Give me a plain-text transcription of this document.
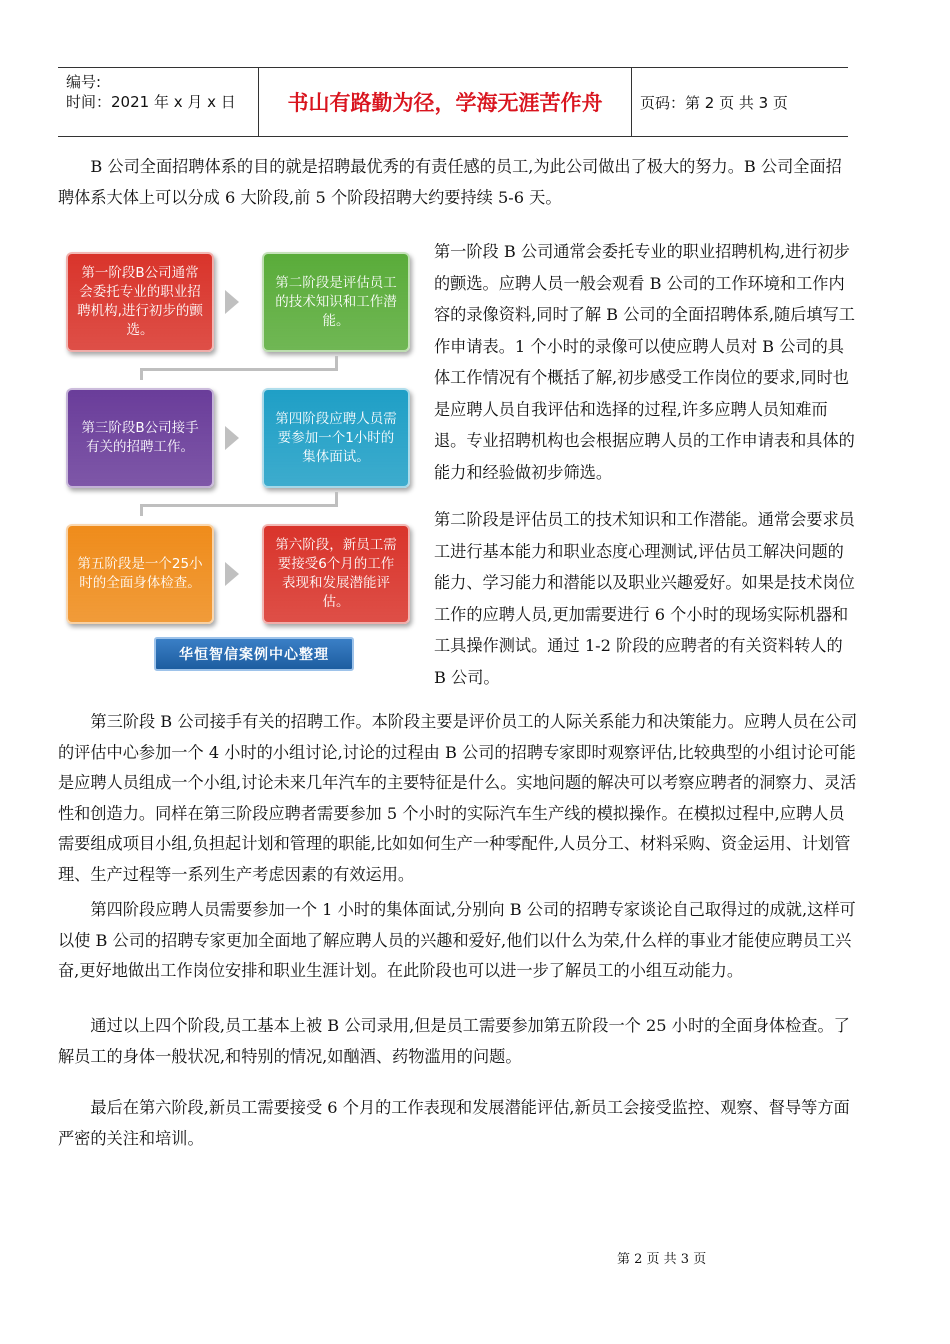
编号:
时间：2021 年 x 月 x 日	书山有路勤为径，学海无涯苦作舟	页码：第 2 页 共 3 页

B 公司全面招聘体系的目的就是招聘最优秀的有责任感的员工,为此公司做出了极大的努力。B 公司全面招聘体系大体上可以分成 6 大阶段,前 5 个阶段招聘大约要持续 5-6 天。

第一阶段B公司通常会委托专业的职业招聘机构,进行初步的颤选。
第二阶段是评估员工的技术知识和工作潜能。
第三阶段B公司接手有关的招聘工作。
第四阶段应聘人员需要参加一个1小时的集体面试。
第五阶段是一个25小时的全面身体检查。
第六阶段，新员工需要接受6个月的工作表现和发展潜能评估。
华恒智信案例中心整理

第一阶段 B 公司通常会委托专业的职业招聘机构,进行初步的颤选。应聘人员一般会观看 B 公司的工作环境和工作内容的录像资料,同时了解 B 公司的全面招聘体系,随后填写工作申请表。1 个小时的录像可以使应聘人员对 B 公司的具体工作情况有个概括了解,初步感受工作岗位的要求,同时也是应聘人员自我评估和选择的过程,许多应聘人员知难而退。专业招聘机构也会根据应聘人员的工作申请表和具体的能力和经验做初步筛选。

第二阶段是评估员工的技术知识和工作潜能。通常会要求员工进行基本能力和职业态度心理测试,评估员工解决问题的能力、学习能力和潜能以及职业兴趣爱好。如果是技术岗位工作的应聘人员,更加需要进行 6 个小时的现场实际机器和工具操作测试。通过 1-2 阶段的应聘者的有关资料转人的 B 公司。

第三阶段 B 公司接手有关的招聘工作。本阶段主要是评价员工的人际关系能力和决策能力。应聘人员在公司的评估中心参加一个 4 小时的小组讨论,讨论的过程由 B 公司的招聘专家即时观察评估,比较典型的小组讨论可能是应聘人员组成一个小组,讨论未来几年汽车的主要特征是什么。实地问题的解决可以考察应聘者的洞察力、灵活性和创造力。同样在第三阶段应聘者需要参加 5 个小时的实际汽车生产线的模拟操作。在模拟过程中,应聘人员需要组成项目小组,负担起计划和管理的职能,比如如何生产一种零配件,人员分工、材料采购、资金运用、计划管理、生产过程等一系列生产考虑因素的有效运用。

第四阶段应聘人员需要参加一个 1 小时的集体面试,分别向 B 公司的招聘专家谈论自己取得过的成就,这样可以使 B 公司的招聘专家更加全面地了解应聘人员的兴趣和爱好,他们以什么为荣,什么样的事业才能使应聘员工兴奋,更好地做出工作岗位安排和职业生涯计划。在此阶段也可以进一步了解员工的小组互动能力。

通过以上四个阶段,员工基本上被 B 公司录用,但是员工需要参加第五阶段一个 25 小时的全面身体检查。了解员工的身体一般状况,和特别的情况,如酗酒、药物滥用的问题。

最后在第六阶段,新员工需要接受 6 个月的工作表现和发展潜能评估,新员工会接受监控、观察、督导等方面严密的关注和培训。

第 2 页 共 3 页
